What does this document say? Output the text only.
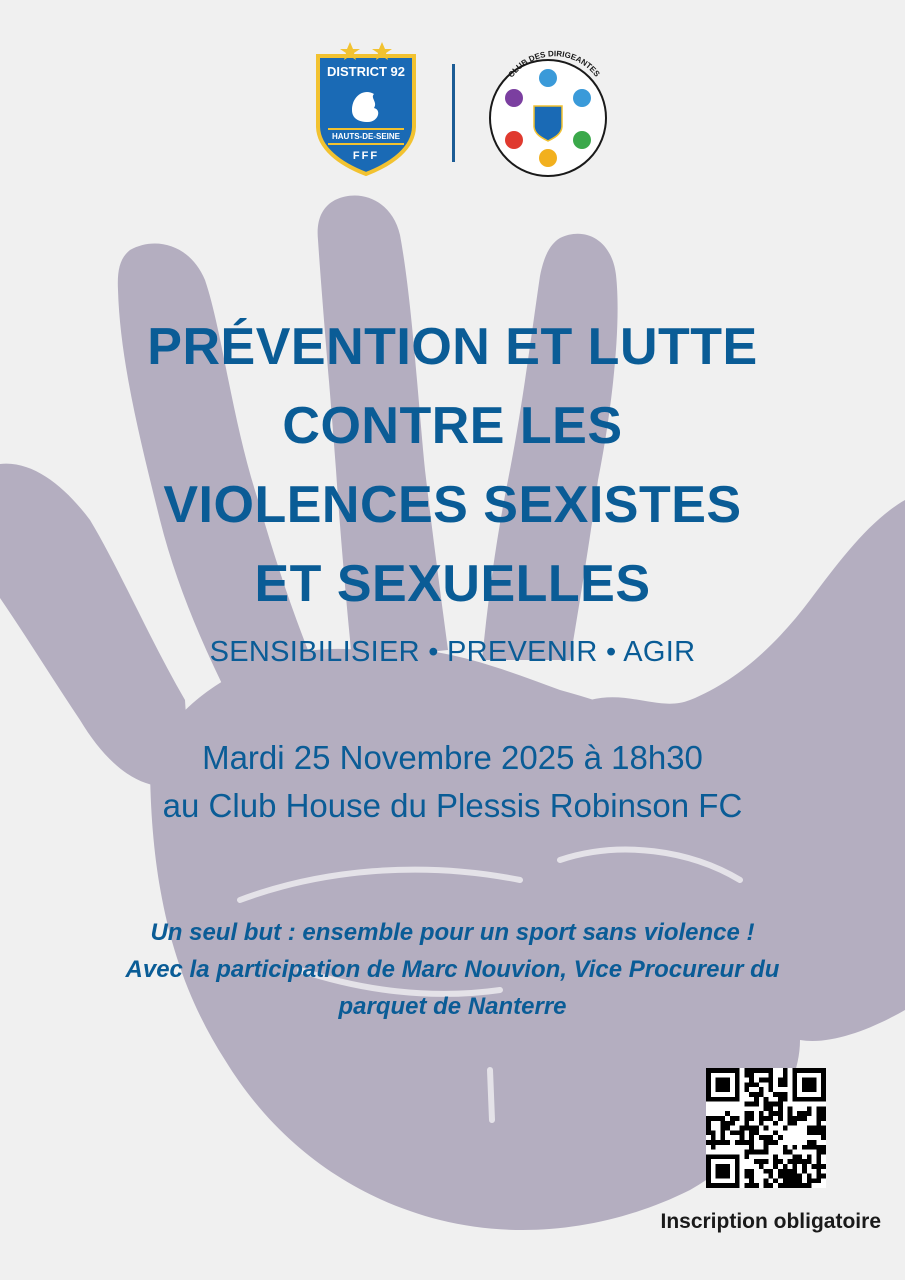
DISTRICT 92
HAUTS-DE-SEINE
FFF
CLUB DES DIRIGEANTES
PRÉVENTION ET LUTTE
CONTRE LES
VIOLENCES SEXISTES
ET SEXUELLES
SENSIBILISIER • PREVENIR • AGIR
Mardi 25 Novembre 2025 à 18h30
au Club House du Plessis Robinson FC
Un seul but : ensemble pour un sport sans violence !
Avec la participation de Marc Nouvion, Vice Procureur du
parquet de Nanterre
Inscription obligatoire
